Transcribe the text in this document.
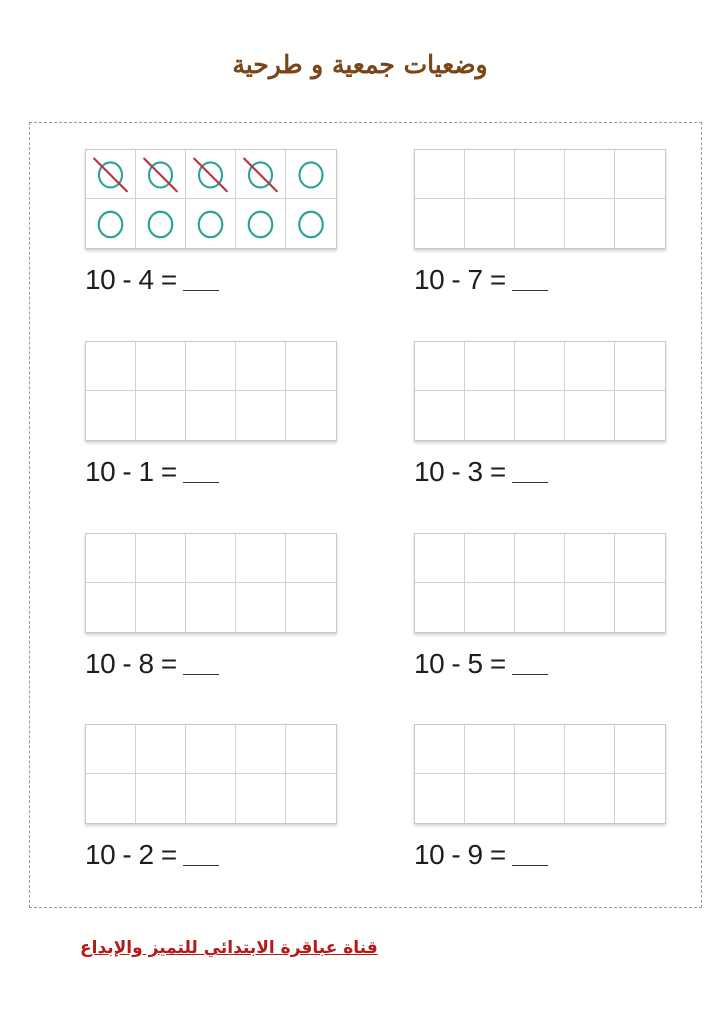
وضعيات جمعية و طرحية
10 - 4 =	10 - 7 =
10 - 1 =	10 - 3 =
10 - 8 =	10 - 5 =
10 - 2 =	10 - 9 =
قناة عباقرة الابتدائي للتميز والإبداع
